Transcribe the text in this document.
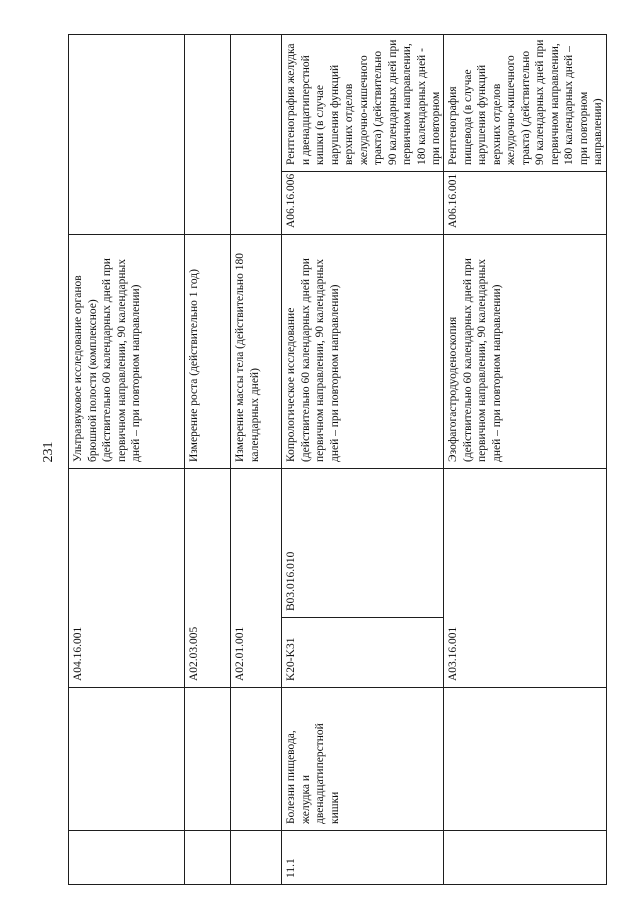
231

A04.16.001

Ультразвуковое исследование органов брюшной полости (комплексное) (действительно 60 календарных дней при первичном направлении, 90 календарных дней – при повторном направлении)

A02.03.005

Измерение роста (действительно 1 год)

A02.01.001

Измерение массы тела (действительно 180 календарных дней)

11.1

Болезни пищевода, желудка и двенадцатиперстной кишки

K20-K31

B03.016.010

Копрологическое исследование (действительно 60 календарных дней при первичном направлении, 90 календарных дней – при повторном направлении)

A06.16.006

Рентгенография желудка и двенадцатиперстной кишки (в случае нарушения функций верхних отделов желудочно-кишечного тракта) (действительно 90 календарных дней при первичном направлении, 180 календарных дней - при повторном

A03.16.001

Эзофагогастродуоденоскопия (действительно 60 календарных дней при первичном направлении, 90 календарных дней – при повторном направлении)

A06.16.001

Рентгенография пищевода (в случае нарушения функций верхних отделов желудочно-кишечного тракта) (действительно 90 календарных дней при первичном направлении, 180 календарных дней – при повторном направлении)
